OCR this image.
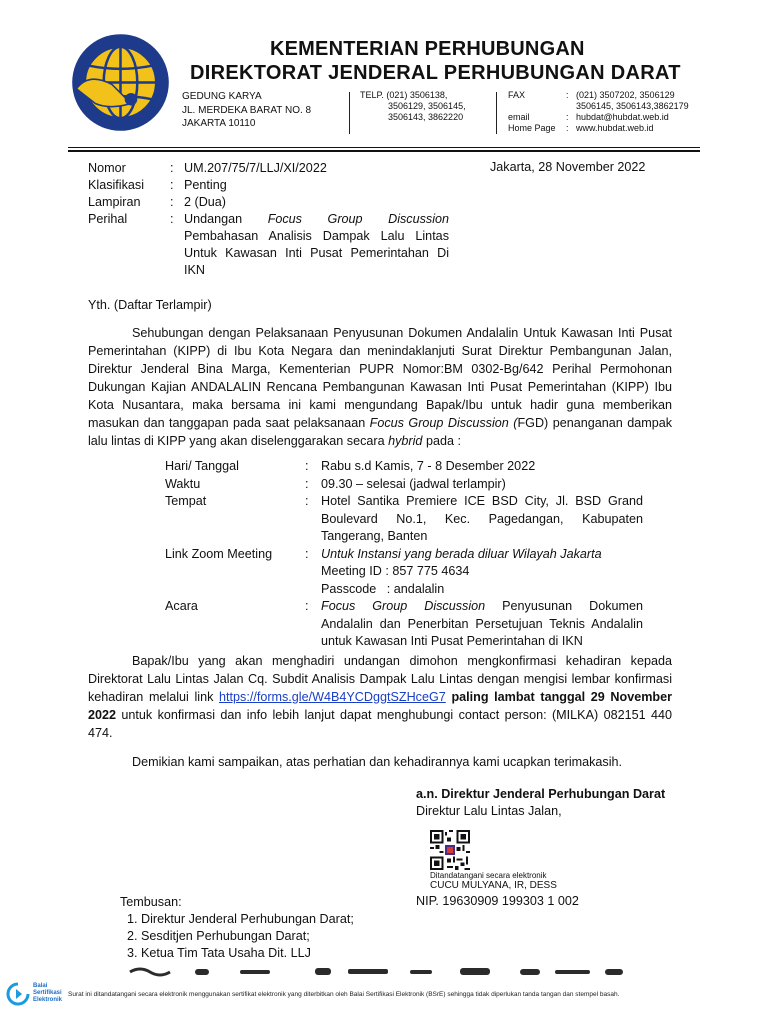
KEMENTERIAN PERHUBUNGAN
DIREKTORAT JENDERAL PERHUBUNGAN DARAT
GEDUNG KARYA
JL. MERDEKA BARAT NO. 8
JAKARTA 10110
TELP. (021) 3506138,
3506129, 3506145,
3506143, 3862220
FAX	: (021) 3507202, 3506129
3506145, 3506143,3862179
email	: hubdat@hubdat.web.id
Home Page	: www.hubdat.web.id
Nomor	: UM.207/75/7/LLJ/XI/2022
Klasifikasi	: Penting
Lampiran	: 2 (Dua)
Perihal	: Undangan Focus Group Discussion Pembahasan Analisis Dampak Lalu Lintas Untuk Kawasan Inti Pusat Pemerintahan Di IKN
Jakarta, 28 November 2022
Yth. (Daftar Terlampir)
Sehubungan dengan Pelaksanaan Penyusunan Dokumen Andalalin Untuk Kawasan Inti Pusat Pemerintahan (KIPP) di Ibu Kota Negara dan menindaklanjuti Surat Direktur Pembangunan Jalan, Direktur Jenderal Bina Marga, Kementerian PUPR Nomor:BM 0302-Bg/642 Perihal Permohonan Dukungan Kajian ANDALALIN Rencana Pembangunan Kawasan Inti Pusat Pemerintahan (KIPP) Ibu Kota Nusantara, maka bersama ini kami mengundang Bapak/Ibu untuk hadir guna memberikan masukan dan tanggapan pada saat pelaksanaan Focus Group Discussion (FGD) penanganan dampak lalu lintas di KIPP yang akan diselenggarakan secara hybrid pada :
Hari/ Tanggal	: Rabu s.d Kamis, 7 - 8 Desember 2022
Waktu	: 09.30 – selesai (jadwal terlampir)
Tempat	: Hotel Santika Premiere ICE BSD City, Jl. BSD Grand Boulevard No.1, Kec. Pagedangan, Kabupaten Tangerang, Banten
Link Zoom Meeting	: Untuk Instansi yang berada diluar Wilayah Jakarta
Meeting ID : 857 775 4634
Passcode   : andalalin
Acara	: Focus Group Discussion Penyusunan Dokumen Andalalin dan Penerbitan Persetujuan Teknis Andalalin untuk Kawasan Inti Pusat Pemerintahan di IKN
Bapak/Ibu yang akan menghadiri undangan dimohon mengkonfirmasi kehadiran kepada Direktorat Lalu Lintas Jalan Cq. Subdit Analisis Dampak Lalu Lintas dengan mengisi lembar konfirmasi kehadiran melalui link https://forms.gle/W4B4YCDggtSZHceG7 paling lambat tanggal 29 November 2022 untuk konfirmasi dan info lebih lanjut dapat menghubungi contact person: (MILKA) 082151 440 474.
Demikian kami sampaikan, atas perhatian dan kehadirannya kami ucapkan terimakasih.
a.n. Direktur Jenderal Perhubungan Darat
Direktur Lalu Lintas Jalan,
Ditandatangani secara elektronik
CUCU MULYANA, IR, DESS
NIP. 19630909 199303 1 002
Tembusan:
1. Direktur Jenderal Perhubungan Darat;
2. Sesditjen Perhubungan Darat;
3. Ketua Tim Tata Usaha Dit. LLJ
Balai
Sertifikasi
Elektronik
Surat ini ditandatangani secara elektronik menggunakan sertifikat elektronik yang diterbitkan oleh Balai Sertifikasi Elektronik (BSrE) sehingga tidak diperlukan tanda tangan dan stempel basah.
